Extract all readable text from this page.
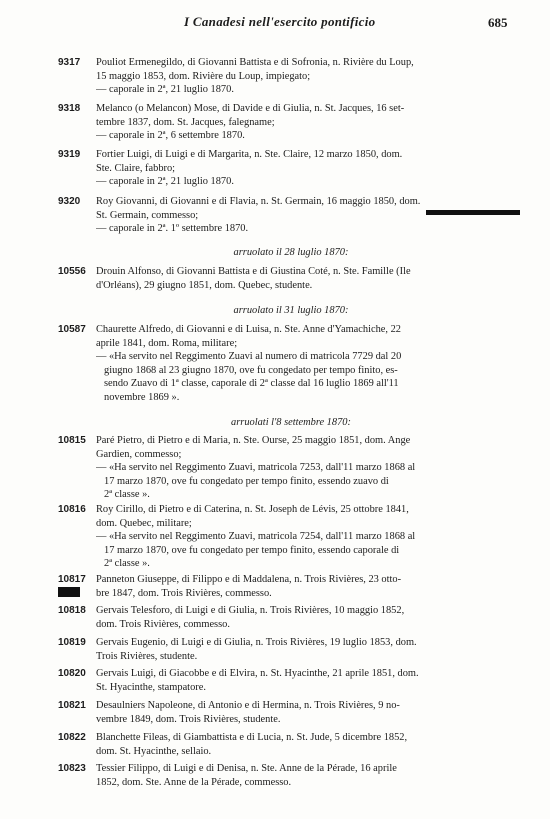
I Canadesi nell'esercito pontificio	685
9317	Pouliot Ermenegildo, di Giovanni Battista e di Sofronia, n. Rivière du Loup,
15 maggio 1853, dom. Rivière du Loup, impiegato;
— caporale in 2ª, 21 luglio 1870.
9318	Melanco (o Melancon) Mose, di Davide e di Giulia, n. St. Jacques, 16 set-
tembre 1837, dom. St. Jacques, falegname;
— caporale in 2ª, 6 settembre 1870.
9319	Fortier Luigi, di Luigi e di Margarita, n. Ste. Claire, 12 marzo 1850, dom.
Ste. Claire, fabbro;
— caporale in 2ª, 21 luglio 1870.
9320	Roy Giovanni, di Giovanni e di Flavia, n. St. Germain, 16 maggio 1850, dom.
St. Germain, commesso;
— caporale in 2ª. 1º settembre 1870.
arruolato il 28 luglio 1870:
10556 Drouin Alfonso, di Giovanni Battista e di Giustina Coté, n. Ste. Famille (Ile
d'Orléans), 29 giugno 1851, dom. Quebec, studente.
arruolato il 31 luglio 1870:
10587 Chaurette Alfredo, di Giovanni e di Luisa, n. Ste. Anne d'Yamachiche, 22
aprile 1841, dom. Roma, militare;
— «Ha servito nel Reggimento Zuavi al numero di matricola 7729 dal 20
giugno 1868 al 23 giugno 1870, ove fu congedato per tempo finito, es-
sendo Zuavo di 1ª classe, caporale di 2ª classe dal 16 luglio 1869 all'11
novembre 1869 ».
arruolati l'8 settembre 1870:
10815 Paré Pietro, di Pietro e di Maria, n. Ste. Ourse, 25 maggio 1851, dom. Ange
Gardien, commesso;
— «Ha servito nel Reggimento Zuavi, matricola 7253, dall'11 marzo 1868 al
17 marzo 1870, ove fu congedato per tempo finito, essendo zuavo di
2ª classe ».
10816 Roy Cirillo, di Pietro e di Caterina, n. St. Joseph de Lévis, 25 ottobre 1841,
dom. Quebec, militare;
— «Ha servito nel Reggimento Zuavi, matricola 7254, dall'11 marzo 1868 al
17 marzo 1870, ove fu congedato per tempo finito, essendo caporale di
2ª classe ».
10817 Panneton Giuseppe, di Filippo e di Maddalena, n. Trois Rivières, 23 otto-
bre 1847, dom. Trois Rivières, commesso.
10818 Gervais Telesforo, di Luigi e di Giulia, n. Trois Rivières, 10 maggio 1852,
dom. Trois Rivières, commesso.
10819 Gervais Eugenio, di Luigi e di Giulia, n. Trois Rivières, 19 luglio 1853, dom.
Trois Rivières, studente.
10820 Gervais Luigi, di Giacobbe e di Elvira, n. St. Hyacinthe, 21 aprile 1851, dom.
St. Hyacinthe, stampatore.
10821 Desaulniers Napoleone, di Antonio e di Hermina, n. Trois Rivières, 9 no-
vembre 1849, dom. Trois Rivières, studente.
10822 Blanchette Fileas, di Giambattista e di Lucia, n. St. Jude, 5 dicembre 1852,
dom. St. Hyacinthe, sellaio.
10823 Tessier Filippo, di Luigi e di Denisa, n. Ste. Anne de la Pérade, 16 aprile
1852, dom. Ste. Anne de la Pérade, commesso.
